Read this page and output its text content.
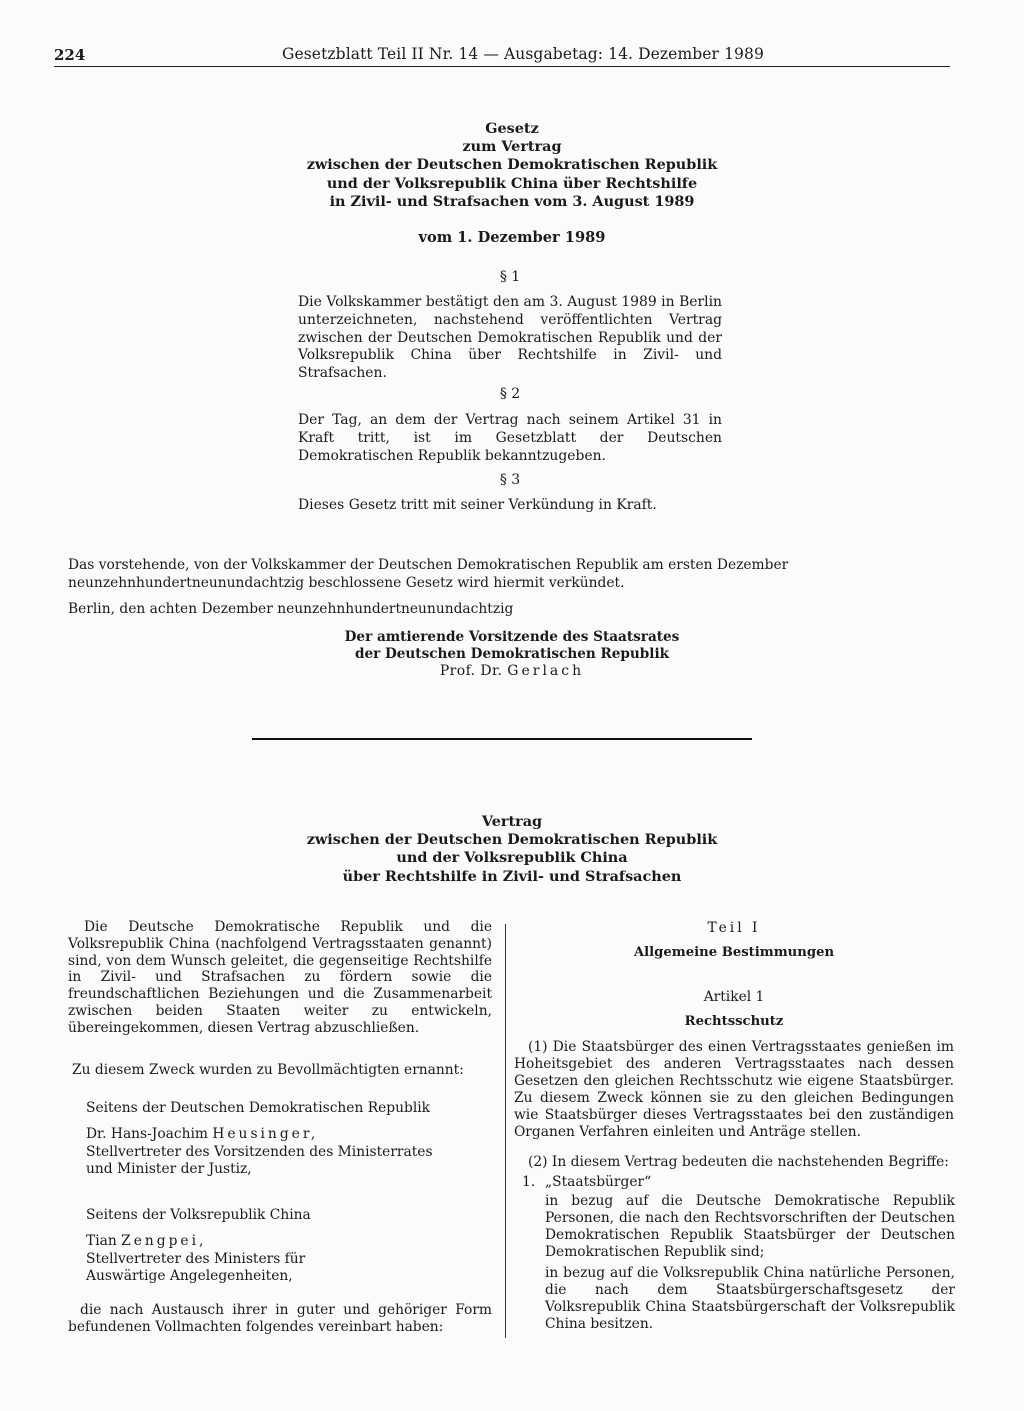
224	Gesetzblatt Teil II Nr. 14 — Ausgabetag: 14. Dezember 1989
Gesetz
zum Vertrag
zwischen der Deutschen Demokratischen Republik
und der Volksrepublik China über Rechtshilfe
in Zivil- und Strafsachen vom 3. August 1989
vom 1. Dezember 1989
§ 1
Die Volkskammer bestätigt den am 3. August 1989 in Berlin unterzeichneten, nachstehend veröffentlichten Vertrag zwischen der Deutschen Demokratischen Republik und der Volksrepublik China über Rechtshilfe in Zivil- und Strafsachen.
§ 2
Der Tag, an dem der Vertrag nach seinem Artikel 31 in Kraft tritt, ist im Gesetzblatt der Deutschen Demokratischen Republik bekanntzugeben.
§ 3
Dieses Gesetz tritt mit seiner Verkündung in Kraft.
Das vorstehende, von der Volkskammer der Deutschen Demokratischen Republik am ersten Dezember neunzehnhundertneunundachtzig beschlossene Gesetz wird hiermit verkündet.
Berlin, den achten Dezember neunzehnhundertneunundachtzig
Der amtierende Vorsitzende des Staatsrates
der Deutschen Demokratischen Republik
Prof. Dr. Gerlach
Vertrag
zwischen der Deutschen Demokratischen Republik
und der Volksrepublik China
über Rechtshilfe in Zivil- und Strafsachen
Die Deutsche Demokratische Republik und die Volksrepublik China (nachfolgend Vertragsstaaten genannt) sind, von dem Wunsch geleitet, die gegenseitige Rechtshilfe in Zivil- und Strafsachen zu fördern sowie die freundschaftlichen Beziehungen und die Zusammenarbeit zwischen beiden Staaten weiter zu entwickeln, übereingekommen, diesen Vertrag abzuschließen.
Zu diesem Zweck wurden zu Bevollmächtigten ernannt:
Seitens der Deutschen Demokratischen Republik
Dr. Hans-Joachim Heusinger,
Stellvertreter des Vorsitzenden des Ministerrates und Minister der Justiz,
Seitens der Volksrepublik China
Tian Zengpei,
Stellvertreter des Ministers für Auswärtige Angelegenheiten,
die nach Austausch ihrer in guter und gehöriger Form befundenen Vollmachten folgendes vereinbart haben:
Teil I
Allgemeine Bestimmungen
Artikel 1
Rechtsschutz
(1) Die Staatsbürger des einen Vertragsstaates genießen im Hoheitsgebiet des anderen Vertragsstaates nach dessen Gesetzen den gleichen Rechtsschutz wie eigene Staatsbürger. Zu diesem Zweck können sie zu den gleichen Bedingungen wie Staatsbürger dieses Vertragsstaates bei den zuständigen Organen Verfahren einleiten und Anträge stellen.
(2) In diesem Vertrag bedeuten die nachstehenden Begriffe:
1. „Staatsbürger“
in bezug auf die Deutsche Demokratische Republik Personen, die nach den Rechtsvorschriften der Deutschen Demokratischen Republik Staatsbürger der Deutschen Demokratischen Republik sind;
in bezug auf die Volksrepublik China natürliche Personen, die nach dem Staatsbürgerschaftsgesetz der Volksrepublik China Staatsbürgerschaft der Volksrepublik China besitzen.
